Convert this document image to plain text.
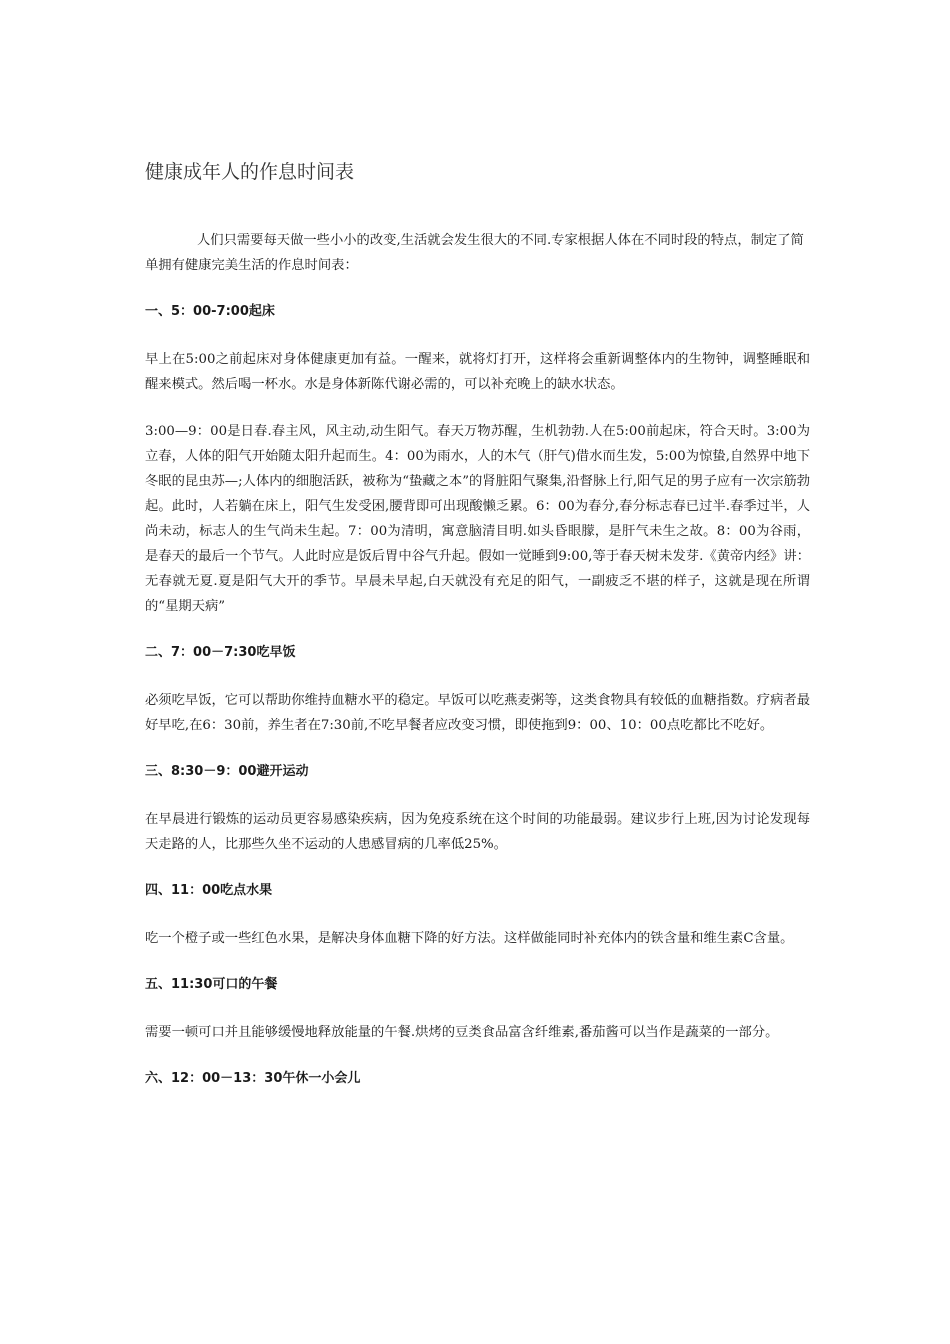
健康成年人的作息时间表

人们只需要每天做一些小小的改变,生活就会发生很大的不同.专家根据人体在不同时段的特点，制定了简单拥有健康完美生活的作息时间表：

一、5：00-7:00起床

早上在5:00之前起床对身体健康更加有益。一醒来，就将灯打开，这样将会重新调整体内的生物钟，调整睡眠和醒来模式。然后喝一杯水。水是身体新陈代谢必需的，可以补充晚上的缺水状态。

3:00—9：00是日春.春主风，风主动,动生阳气。春天万物苏醒，生机勃勃.人在5:00前起床，符合天时。3:00为立春，人体的阳气开始随太阳升起而生。4：00为雨水，人的木气（肝气)借水而生发，5:00为惊蛰,自然界中地下冬眠的昆虫苏—;人体内的细胞活跃，被称为“蛰藏之本”的肾脏阳气聚集,沿督脉上行,阳气足的男子应有一次宗筋勃起。此时，人若躺在床上，阳气生发受困,腰背即可出现酸懒乏累。6：00为春分,春分标志春已过半.春季过半，人尚未动，标志人的生气尚未生起。7：00为清明，寓意脑清目明.如头昏眼朦，是肝气未生之故。8：00为谷雨，是春天的最后一个节气。人此时应是饭后胃中谷气升起。假如一觉睡到9:00,等于春天树未发芽.《黄帝内经》讲：无春就无夏.夏是阳气大开的季节。早晨未早起,白天就没有充足的阳气，一副疲乏不堪的样子，这就是现在所谓的“星期天病”

二、7：00－7:30吃早饭

必须吃早饭，它可以帮助你维持血糖水平的稳定。早饭可以吃燕麦粥等，这类食物具有较低的血糖指数。疗病者最好早吃,在6：30前，养生者在7:30前,不吃早餐者应改变习惯，即使拖到9：00、10：00点吃都比不吃好。

三、8:30－9：00避开运动

在早晨进行锻炼的运动员更容易感染疾病，因为免疫系统在这个时间的功能最弱。建议步行上班,因为讨论发现每天走路的人，比那些久坐不运动的人患感冒病的几率低25%。

四、11：00吃点水果

吃一个橙子或一些红色水果，是解决身体血糖下降的好方法。这样做能同时补充体内的铁含量和维生素C含量。

五、11:30可口的午餐

需要一顿可口并且能够缓慢地释放能量的午餐.烘烤的豆类食品富含纤维素,番茄酱可以当作是蔬菜的一部分。

六、12：00－13：30午休一小会儿
